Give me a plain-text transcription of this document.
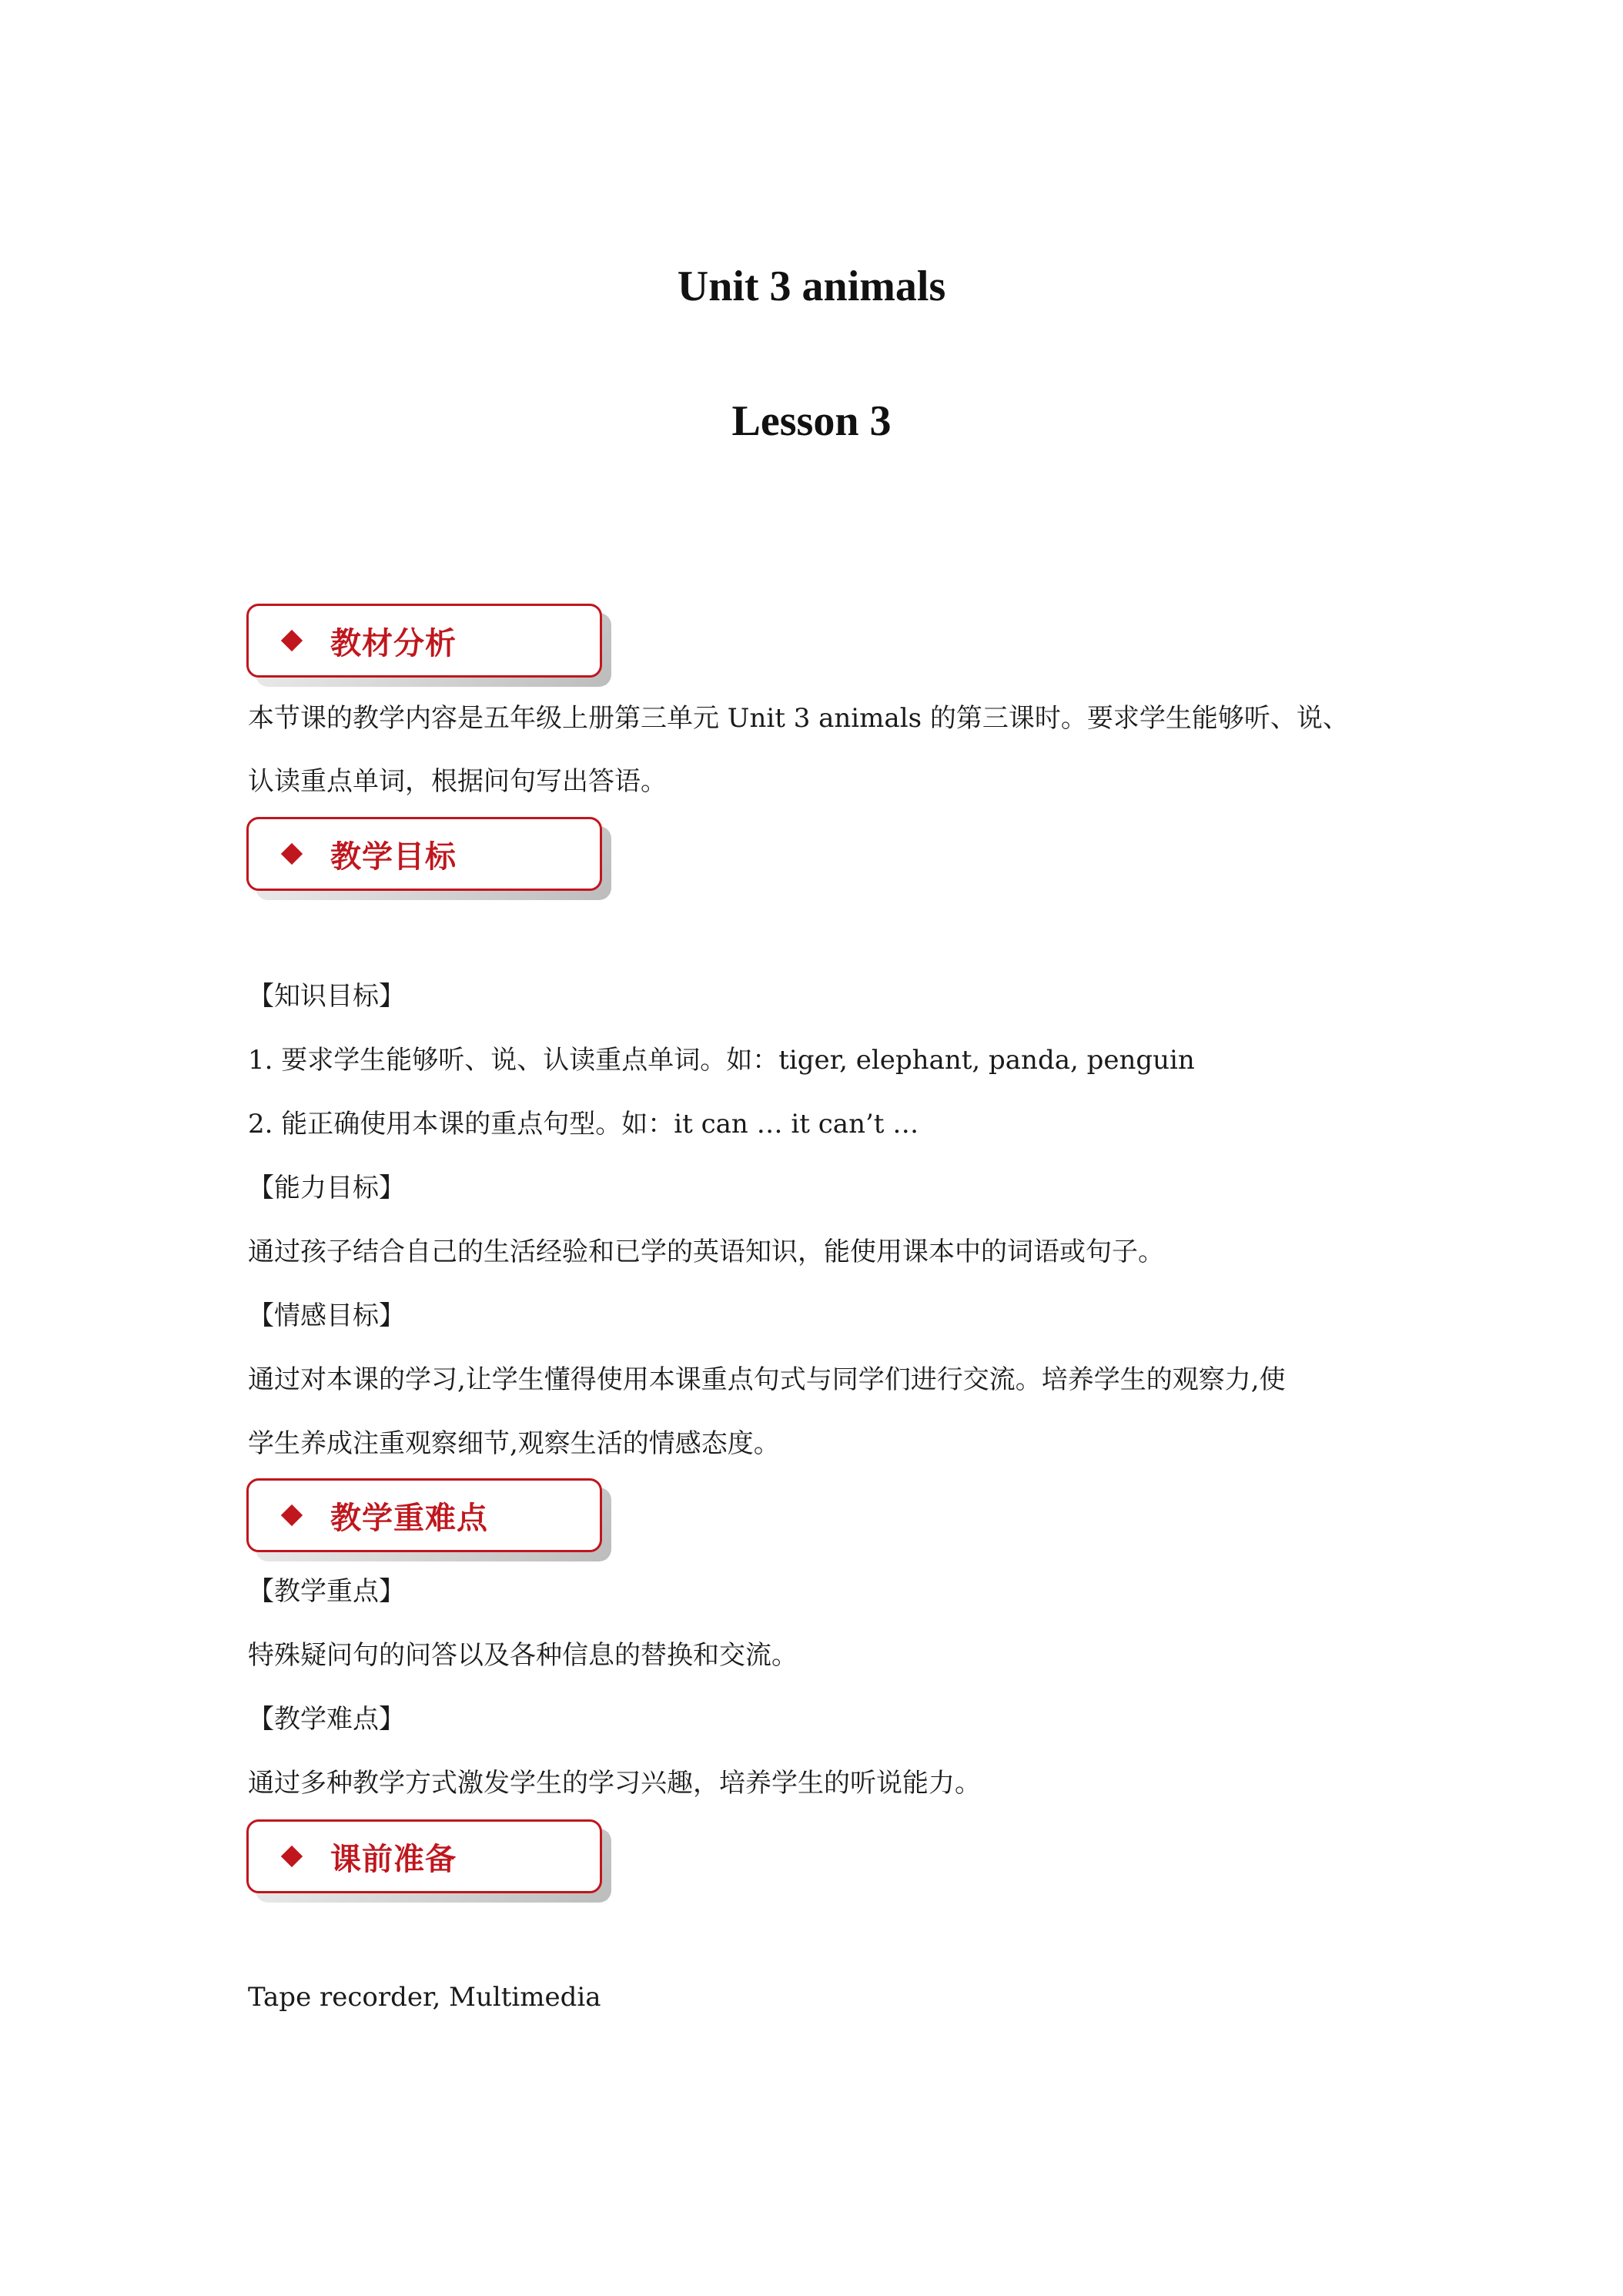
Unit 3 animals
Lesson 3
教材分析
本节课的教学内容是五年级上册第三单元 Unit 3 animals 的第三课时。要求学生能够听、说、
认读重点单词，根据问句写出答语。
教学目标
【知识目标】
1. 要求学生能够听、说、认读重点单词。如：tiger, elephant, panda, penguin
2. 能正确使用本课的重点句型。如：it can … it can’t …
【能力目标】
通过孩子结合自己的生活经验和已学的英语知识，能使用课本中的词语或句子。
【情感目标】
通过对本课的学习,让学生懂得使用本课重点句式与同学们进行交流。培养学生的观察力,使
学生养成注重观察细节,观察生活的情感态度。
教学重难点
【教学重点】
特殊疑问句的问答以及各种信息的替换和交流。
【教学难点】
通过多种教学方式激发学生的学习兴趣，培养学生的听说能力。
课前准备
Tape recorder, Multimedia
